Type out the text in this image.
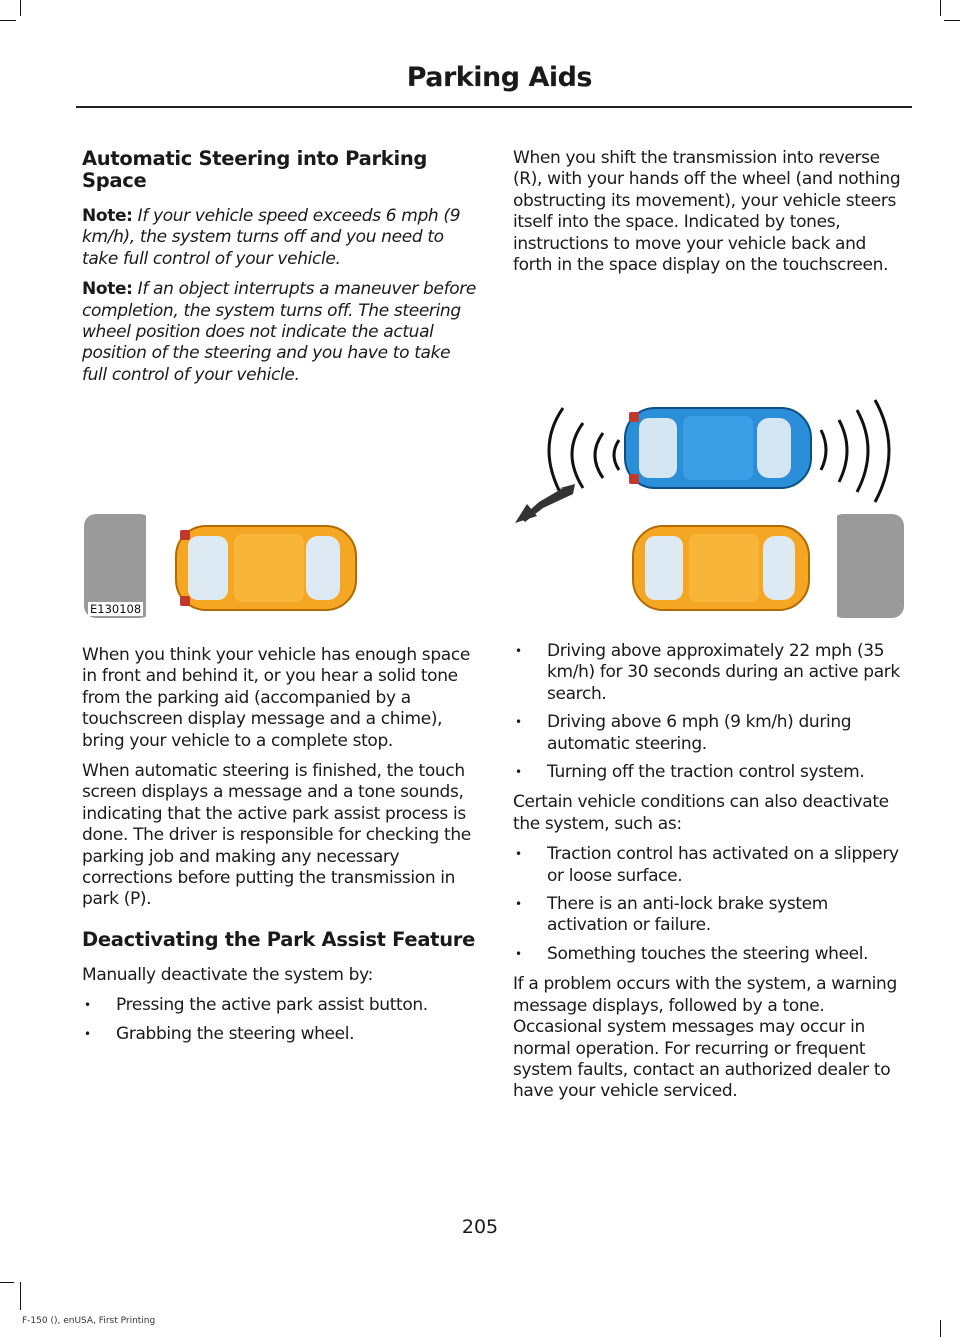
Parking Aids
Automatic Steering into Parking Space

Note: If your vehicle speed exceeds 6 mph (9 km/h), the system turns off and you need to take full control of your vehicle.

Note: If an object interrupts a maneuver before completion, the system turns off. The steering wheel position does not indicate the actual position of the steering and you have to take full control of your vehicle.

E130108

When you think your vehicle has enough space in front and behind it, or you hear a solid tone from the parking aid (accompanied by a touchscreen display message and a chime), bring your vehicle to a complete stop.

When automatic steering is finished, the touch screen displays a message and a tone sounds, indicating that the active park assist process is done. The driver is responsible for checking the parking job and making any necessary corrections before putting the transmission in park (P).

Deactivating the Park Assist Feature

Manually deactivate the system by:

• Pressing the active park assist button.
• Grabbing the steering wheel.

When you shift the transmission into reverse (R), with your hands off the wheel (and nothing obstructing its movement), your vehicle steers itself into the space. Indicated by tones, instructions to move your vehicle back and forth in the space display on the touchscreen.

• Driving above approximately 22 mph (35 km/h) for 30 seconds during an active park search.
• Driving above 6 mph (9 km/h) during automatic steering.
• Turning off the traction control system.

Certain vehicle conditions can also deactivate the system, such as:

• Traction control has activated on a slippery or loose surface.
• There is an anti-lock brake system activation or failure.
• Something touches the steering wheel.

If a problem occurs with the system, a warning message displays, followed by a tone. Occasional system messages may occur in normal operation. For recurring or frequent system faults, contact an authorized dealer to have your vehicle serviced.

205
F-150 (), enUSA, First Printing
